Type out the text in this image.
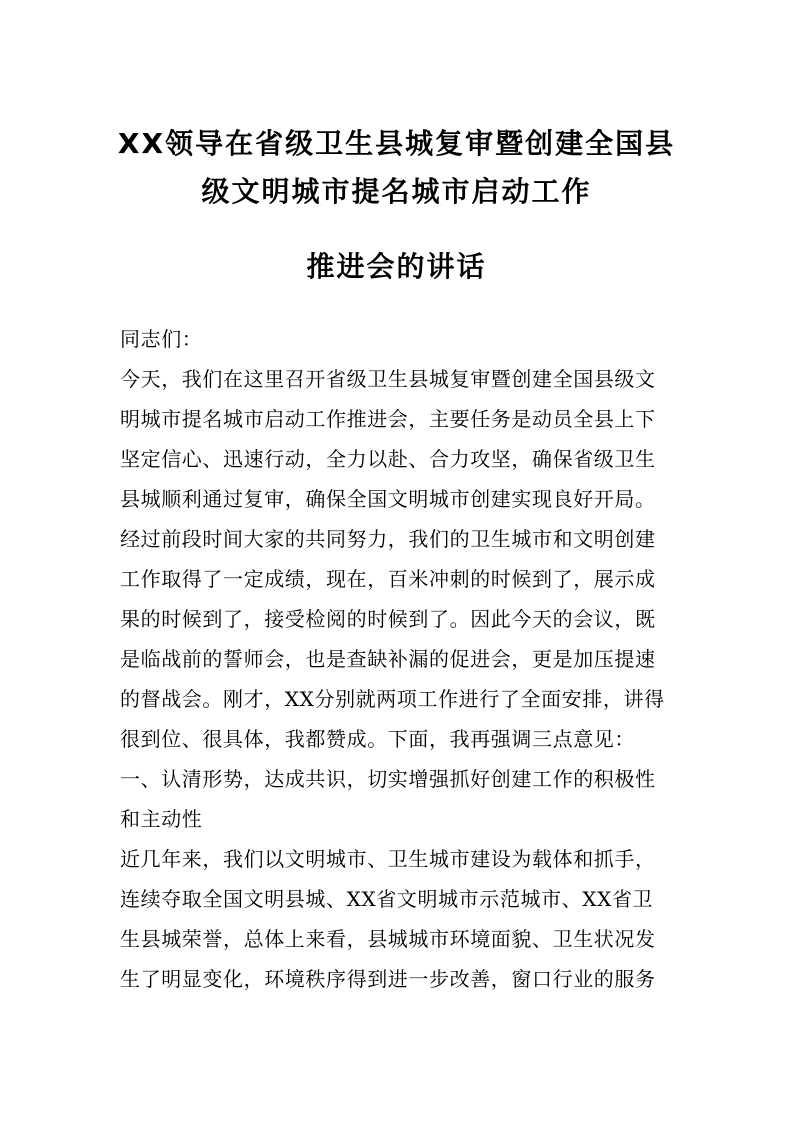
XX领导在省级卫生县城复审暨创建全国县
级文明城市提名城市启动工作
推进会的讲话
同志们：
今天，我们在这里召开省级卫生县城复审暨创建全国县级文
明城市提名城市启动工作推进会，主要任务是动员全县上下
坚定信心、迅速行动，全力以赴、合力攻坚，确保省级卫生
县城顺利通过复审，确保全国文明城市创建实现良好开局。
经过前段时间大家的共同努力，我们的卫生城市和文明创建
工作取得了一定成绩，现在，百米冲刺的时候到了，展示成
果的时候到了，接受检阅的时候到了。因此今天的会议，既
是临战前的誓师会，也是查缺补漏的促进会，更是加压提速
的督战会。刚才，XX分别就两项工作进行了全面安排，讲得
很到位、很具体，我都赞成。下面，我再强调三点意见：
一、认清形势，达成共识，切实增强抓好创建工作的积极性
和主动性
近几年来，我们以文明城市、卫生城市建设为载体和抓手，
连续夺取全国文明县城、XX省文明城市示范城市、XX省卫
生县城荣誉，总体上来看，县城城市环境面貌、卫生状况发
生了明显变化，环境秩序得到进一步改善，窗口行业的服务
